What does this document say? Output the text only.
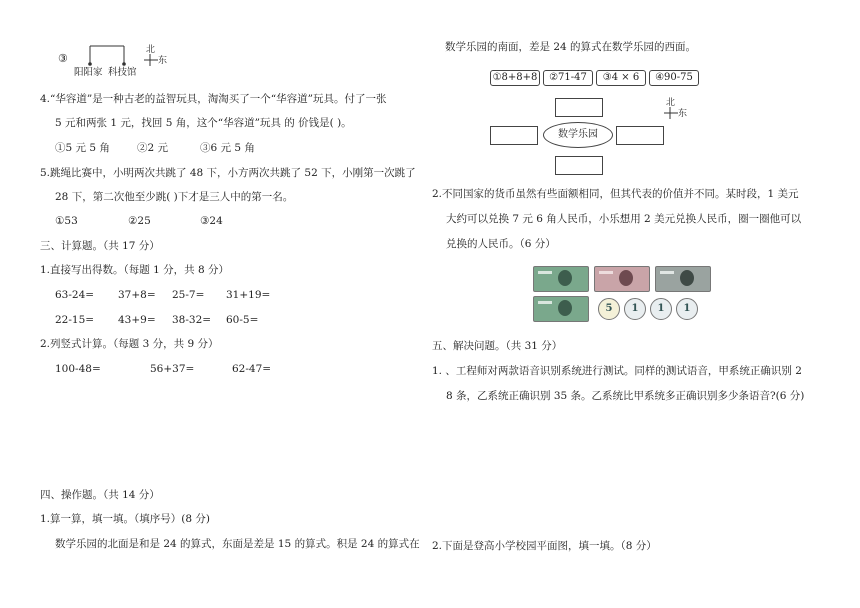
③
阳阳家 科技馆
北
东
4.“华容道”是一种古老的益智玩具，淘淘买了一个“华容道”玩具。付了一张
5 元和两张 1 元，找回 5 角，这个“华容道”玩具 的 价钱是( )。
①5 元 5 角	②2 元	③6 元 5 角
5.跳绳比赛中，小明两次共跳了 48 下，小方两次共跳了 52 下，小刚第一次跳了
28 下，第二次他至少跳( )下才是三人中的第一名。
①53	②25	③24
三、计算题。（共 17 分）
1.直接写出得数。（每题 1 分，共 8 分）
63-24= 37+8= 25-7= 31+19=
22-15= 43+9= 38-32= 60-5=
2.列竖式计算。（每题 3 分，共 9 分）
100-48=	56+37=	62-47=
四、操作题。（共 14 分）
1.算一算，填一填。（填序号）(8 分)
数学乐园的北面是和是 24 的算式，东面是差是 15 的算式。积是 24 的算式在
数学乐园的南面，差是 24 的算式在数学乐园的西面。
①8+8+8	②71-47	③4 × 6	④90-75
数学乐园
北
东
2.不同国家的货币虽然有些面额相同，但其代表的价值并不同。某时段，1 美元
大约可以兑换 7 元 6 角人民币，小乐想用 2 美元兑换人民币，圈一圈他可以
兑换的人民币。（6 分）
5	1	1	1
五、解决问题。（共 31 分）
1. 、工程师对两款语音识别系统进行测试。同样的测试语音，甲系统正确识别 2
8 条，乙系统正确识别 35 条。乙系统比甲系统多正确识别多少条语音?(6 分)
2.下面是登高小学校园平面图，填一填。（8 分）
